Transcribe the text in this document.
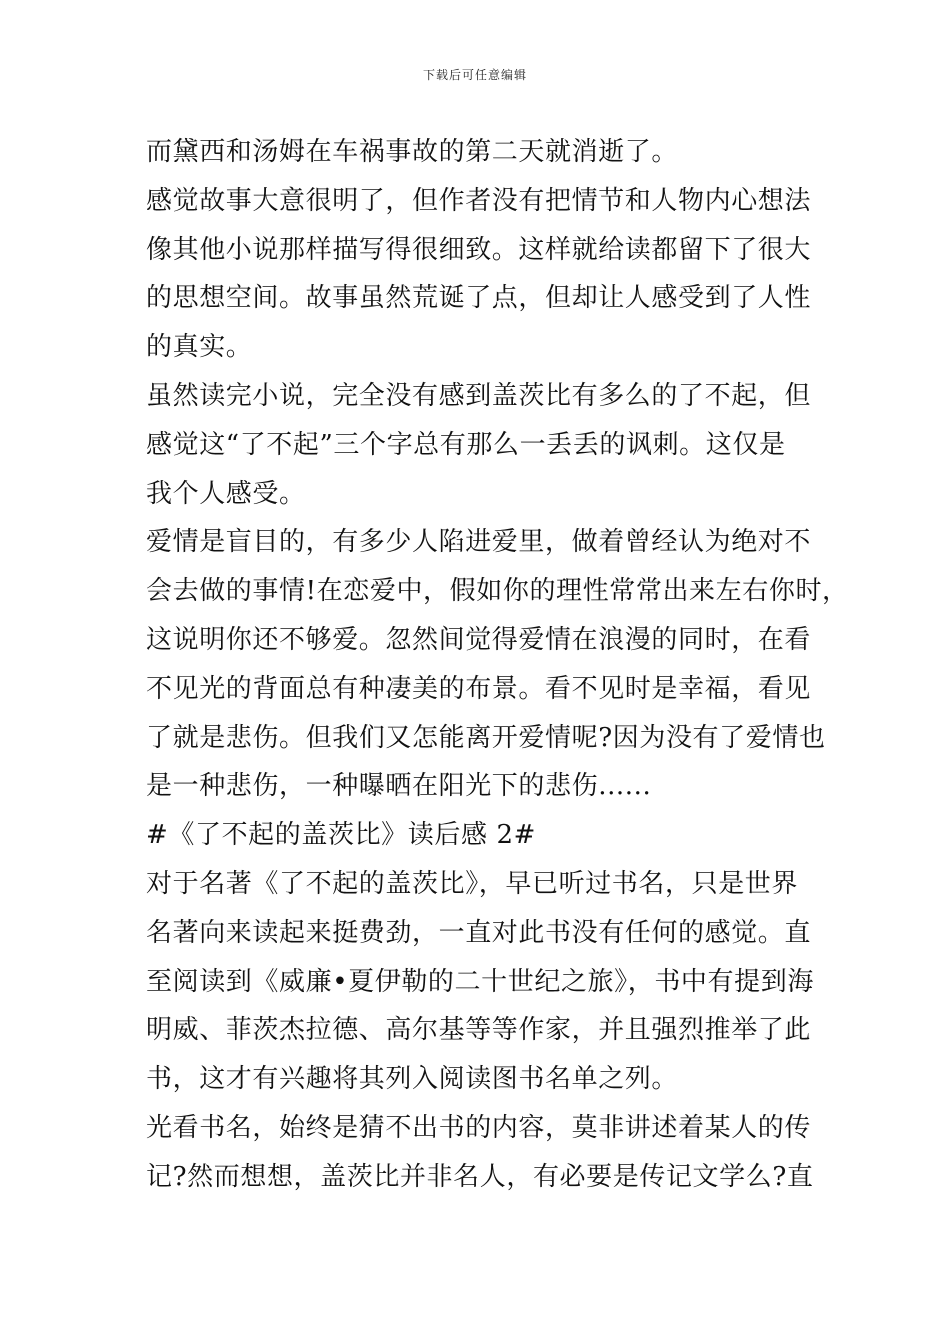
下载后可任意编辑
而黛西和汤姆在车祸事故的第二天就消逝了。
感觉故事大意很明了，但作者没有把情节和人物内心想法
像其他小说那样描写得很细致。这样就给读都留下了很大
的思想空间。故事虽然荒诞了点，但却让人感受到了人性
的真实。
虽然读完小说，完全没有感到盖茨比有多么的了不起，但
感觉这“了不起”三个字总有那么一丢丢的讽刺。这仅是
我个人感受。
爱情是盲目的，有多少人陷进爱里，做着曾经认为绝对不
会去做的事情!在恋爱中，假如你的理性常常出来左右你时，
这说明你还不够爱。忽然间觉得爱情在浪漫的同时，在看
不见光的背面总有种凄美的布景。看不见时是幸福，看见
了就是悲伤。但我们又怎能离开爱情呢?因为没有了爱情也
是一种悲伤，一种曝晒在阳光下的悲伤......
#《了不起的盖茨比》读后感 2#
对于名著《了不起的盖茨比》，早已听过书名，只是世界
名著向来读起来挺费劲，一直对此书没有任何的感觉。直
至阅读到《威廉•夏伊勒的二十世纪之旅》，书中有提到海
明威、菲茨杰拉德、高尔基等等作家，并且强烈推举了此
书，这才有兴趣将其列入阅读图书名单之列。
光看书名，始终是猜不出书的内容，莫非讲述着某人的传
记?然而想想，盖茨比并非名人，有必要是传记文学么?直
